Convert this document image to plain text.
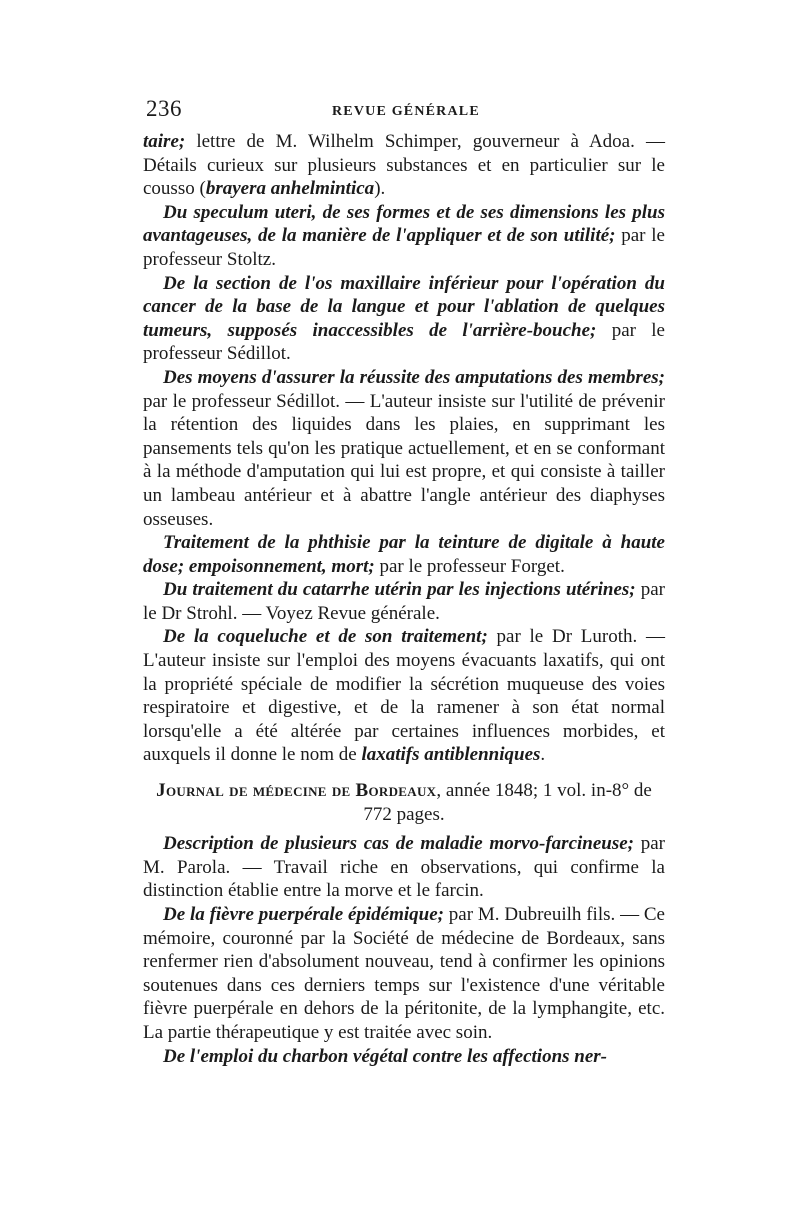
236	REVUE GÉNÉRALE

taire; lettre de M. Wilhelm Schimper, gouverneur à Adoa. — Détails curieux sur plusieurs substances et en particulier sur le cousso (brayera anhelmintica).

Du speculum uteri, de ses formes et de ses dimensions les plus avantageuses, de la manière de l'appliquer et de son utilité; par le professeur Stoltz.

De la section de l'os maxillaire inférieur pour l'opération du cancer de la base de la langue et pour l'ablation de quelques tumeurs, supposés inaccessibles de l'arrière-bouche; par le professeur Sédillot.

Des moyens d'assurer la réussite des amputations des membres; par le professeur Sédillot. — L'auteur insiste sur l'utilité de prévenir la rétention des liquides dans les plaies, en supprimant les pansements tels qu'on les pratique actuellement, et en se conformant à la méthode d'amputation qui lui est propre, et qui consiste à tailler un lambeau antérieur et à abattre l'angle antérieur des diaphyses osseuses.

Traitement de la phthisie par la teinture de digitale à haute dose; empoisonnement, mort; par le professeur Forget.

Du traitement du catarrhe utérin par les injections utérines; par le Dr Strohl. — Voyez Revue générale.

De la coqueluche et de son traitement; par le Dr Luroth. — L'auteur insiste sur l'emploi des moyens évacuants laxatifs, qui ont la propriété spéciale de modifier la sécrétion muqueuse des voies respiratoire et digestive, et de la ramener à son état normal lorsqu'elle a été altérée par certaines influences morbides, et auxquels il donne le nom de laxatifs antiblenniques.

Journal de médecine de Bordeaux, année 1848; 1 vol. in-8° de 772 pages.

Description de plusieurs cas de maladie morvo-farcineuse; par M. Parola. — Travail riche en observations, qui confirme la distinction établie entre la morve et le farcin.

De la fièvre puerpérale épidémique; par M. Dubreuilh fils. — Ce mémoire, couronné par la Société de médecine de Bordeaux, sans renfermer rien d'absolument nouveau, tend à confirmer les opinions soutenues dans ces derniers temps sur l'existence d'une véritable fièvre puerpérale en dehors de la péritonite, de la lymphangite, etc. La partie thérapeutique y est traitée avec soin.

De l'emploi du charbon végétal contre les affections ner-
